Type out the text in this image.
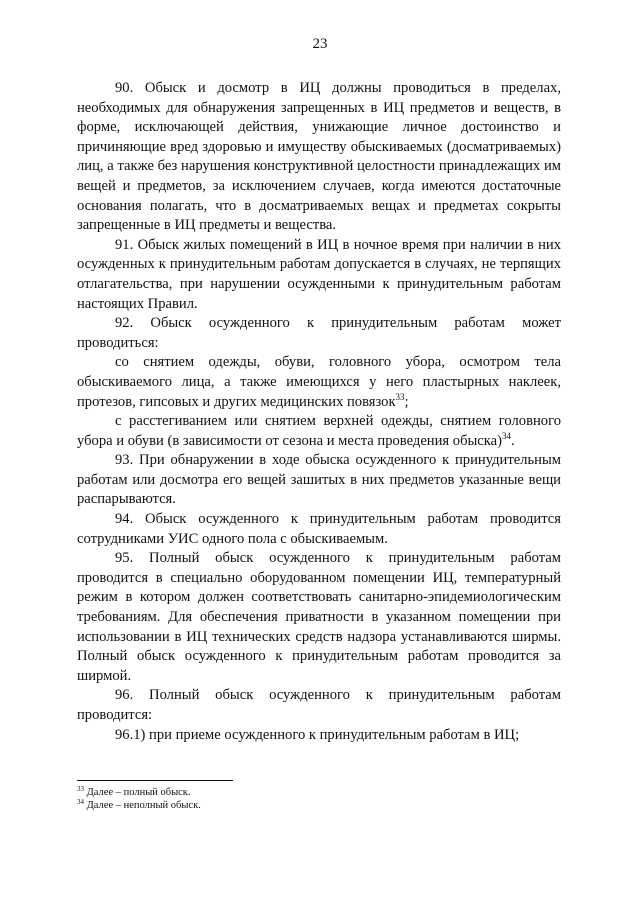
23

90. Обыск и досмотр в ИЦ должны проводиться в пределах, необходимых для обнаружения запрещенных в ИЦ предметов и веществ, в форме, исключающей действия, унижающие личное достоинство и причиняющие вред здоровью и имуществу обыскиваемых (досматриваемых) лиц, а также без нарушения конструктивной целостности принадлежащих им вещей и предметов, за исключением случаев, когда имеются достаточные основания полагать, что в досматриваемых вещах и предметах сокрыты запрещенные в ИЦ предметы и вещества.

91. Обыск жилых помещений в ИЦ в ночное время при наличии в них осужденных к принудительным работам допускается в случаях, не терпящих отлагательства, при нарушении осужденными к принудительным работам настоящих Правил.

92. Обыск осужденного к принудительным работам может проводиться:

со снятием одежды, обуви, головного убора, осмотром тела обыскиваемого лица, а также имеющихся у него пластырных наклеек, протезов, гипсовых и других медицинских повязок$^{33}$;

с расстегиванием или снятием верхней одежды, снятием головного убора и обуви (в зависимости от сезона и места проведения обыска)$^{34}$.

93. При обнаружении в ходе обыска осужденного к принудительным работам или досмотра его вещей зашитых в них предметов указанные вещи распарываются.

94. Обыск осужденного к принудительным работам проводится сотрудниками УИС одного пола с обыскиваемым.

95. Полный обыск осужденного к принудительным работам проводится в специально оборудованном помещении ИЦ, температурный режим в котором должен соответствовать санитарно-эпидемиологическим требованиям. Для обеспечения приватности в указанном помещении при использовании в ИЦ технических средств надзора устанавливаются ширмы. Полный обыск осужденного к принудительным работам проводится за ширмой.

96. Полный обыск осужденного к принудительным работам проводится:

96.1) при приеме осужденного к принудительным работам в ИЦ;

$^{33}$ Далее – полный обыск.
$^{34}$ Далее – неполный обыск.
